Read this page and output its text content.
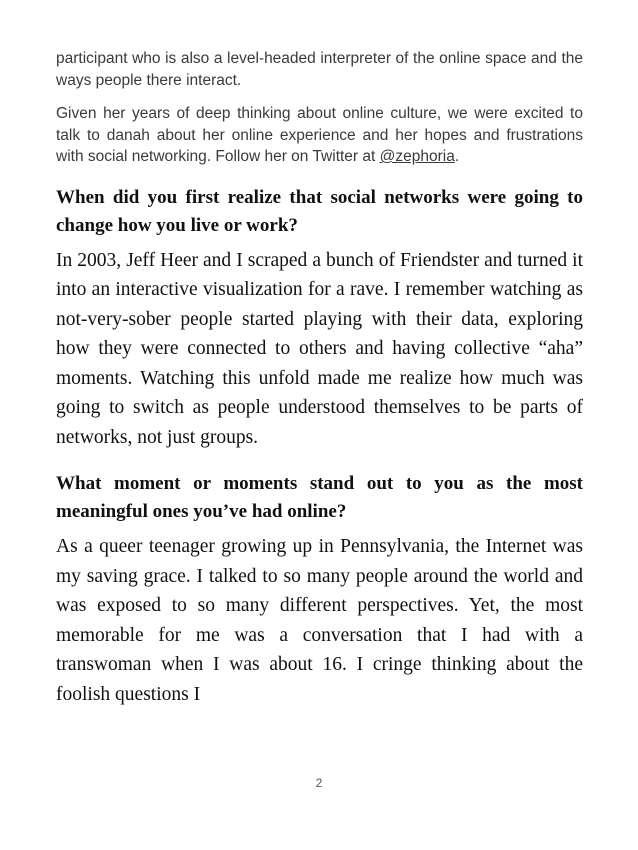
participant who is also a level-headed interpreter of the online space and the ways people there interact.

Given her years of deep thinking about online culture, we were excited to talk to danah about her online experience and her hopes and frustrations with social networking. Follow her on Twitter at @zephoria.

When did you first realize that social networks were going to change how you live or work?

In 2003, Jeff Heer and I scraped a bunch of Friendster and turned it into an interactive visualization for a rave. I remember watching as not-very-sober people started playing with their data, exploring how they were connected to others and having collective “aha” moments. Watching this unfold made me realize how much was going to switch as people understood themselves to be parts of networks, not just groups.

What moment or moments stand out to you as the most meaningful ones you’ve had online?

As a queer teenager growing up in Pennsylvania, the Internet was my saving grace. I talked to so many people around the world and was exposed to so many different perspectives. Yet, the most memorable for me was a conversation that I had with a transwoman when I was about 16. I cringe thinking about the foolish questions I

2
